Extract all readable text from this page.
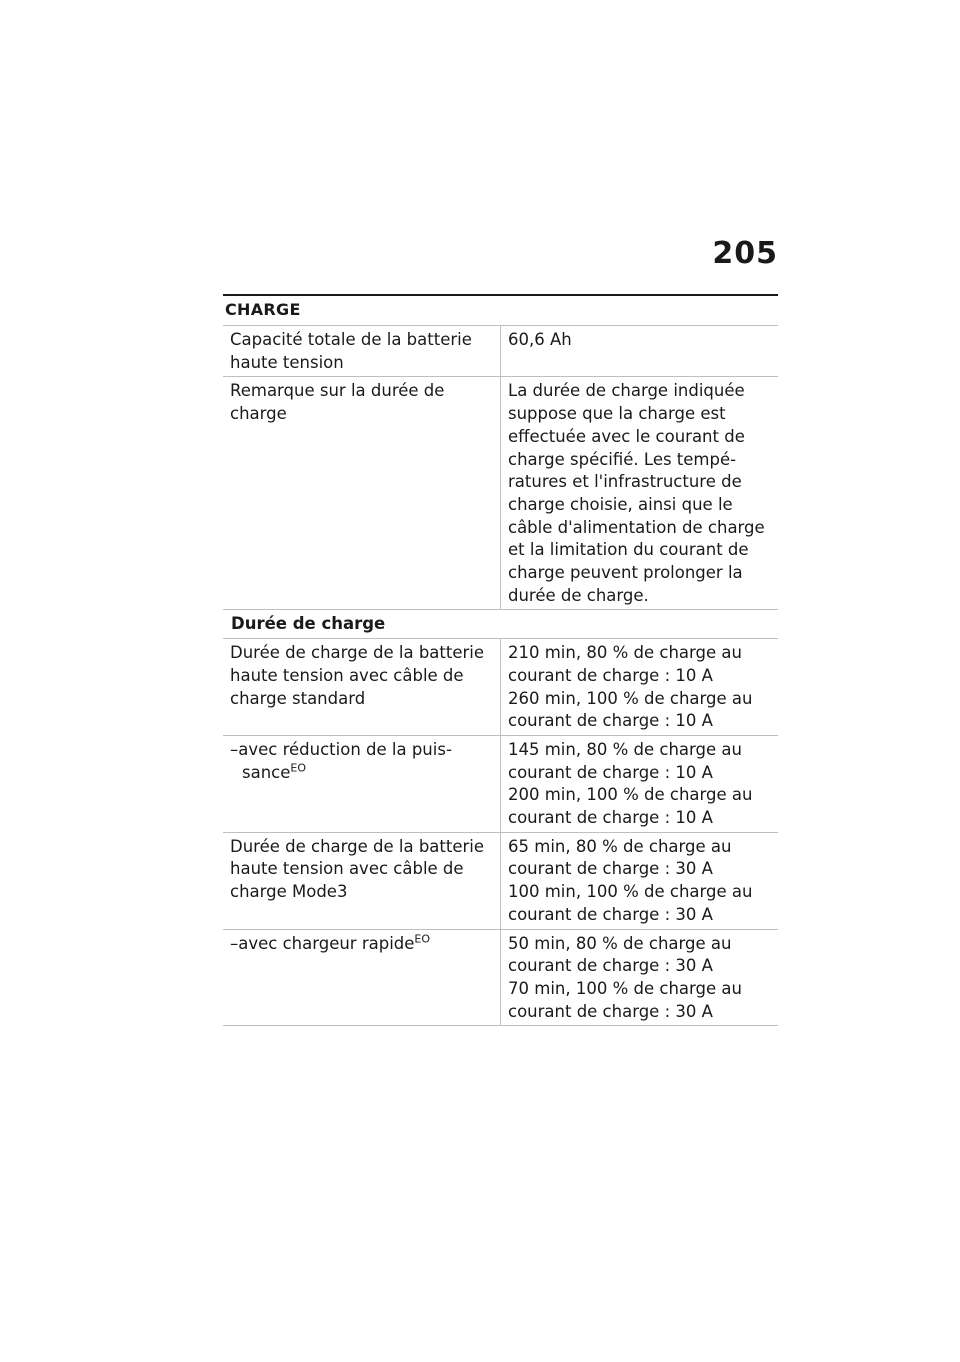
205
CHARGE
Capacité totale de la batterie haute tension	60,6 Ah

Remarque sur la durée de charge	La durée de charge indiquée suppose que la charge est effectuée avec le courant de charge spécifié. Les tempé-ratures et l'infrastructure de charge choisie, ainsi que le câble d'alimentation de charge et la limitation du courant de charge peuvent prolonger la durée de charge.

Durée de charge	
Durée de charge de la batterie haute tension avec câble de charge standard	210 min, 80 % de charge au courant de charge : 10 A
260 min, 100 % de charge au courant de charge : 10 A

–avec réduction de la puis-sance$^{EO}$	145 min, 80 % de charge au courant de charge : 10 A
200 min, 100 % de charge au courant de charge : 10 A

Durée de charge de la batterie haute tension avec câble de charge Mode3	65 min, 80 % de charge au courant de charge : 30 A
100 min, 100 % de charge au courant de charge : 30 A

–avec chargeur rapide$^{EO}$	50 min, 80 % de charge au courant de charge : 30 A
70 min, 100 % de charge au courant de charge : 30 A
